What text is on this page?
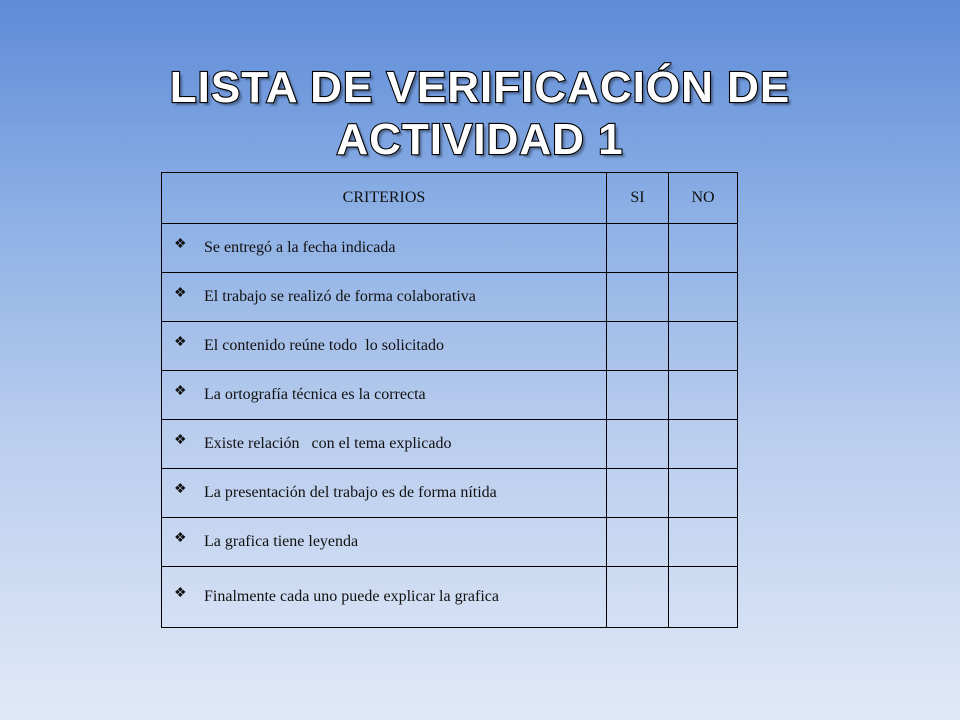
LISTA DE VERIFICACIÓN DE
ACTIVIDAD 1
CRITERIOS	SI	NO

❖ Se entregó a la fecha indicada		

❖ El trabajo se realizó de forma colaborativa		

❖ El contenido reúne todo  lo solicitado		

❖ La ortografía técnica es la correcta		

❖ Existe relación   con el tema explicado		

❖ La presentación del trabajo es de forma nítida		

❖ La grafica tiene leyenda		

❖ Finalmente cada uno puede explicar la grafica		
